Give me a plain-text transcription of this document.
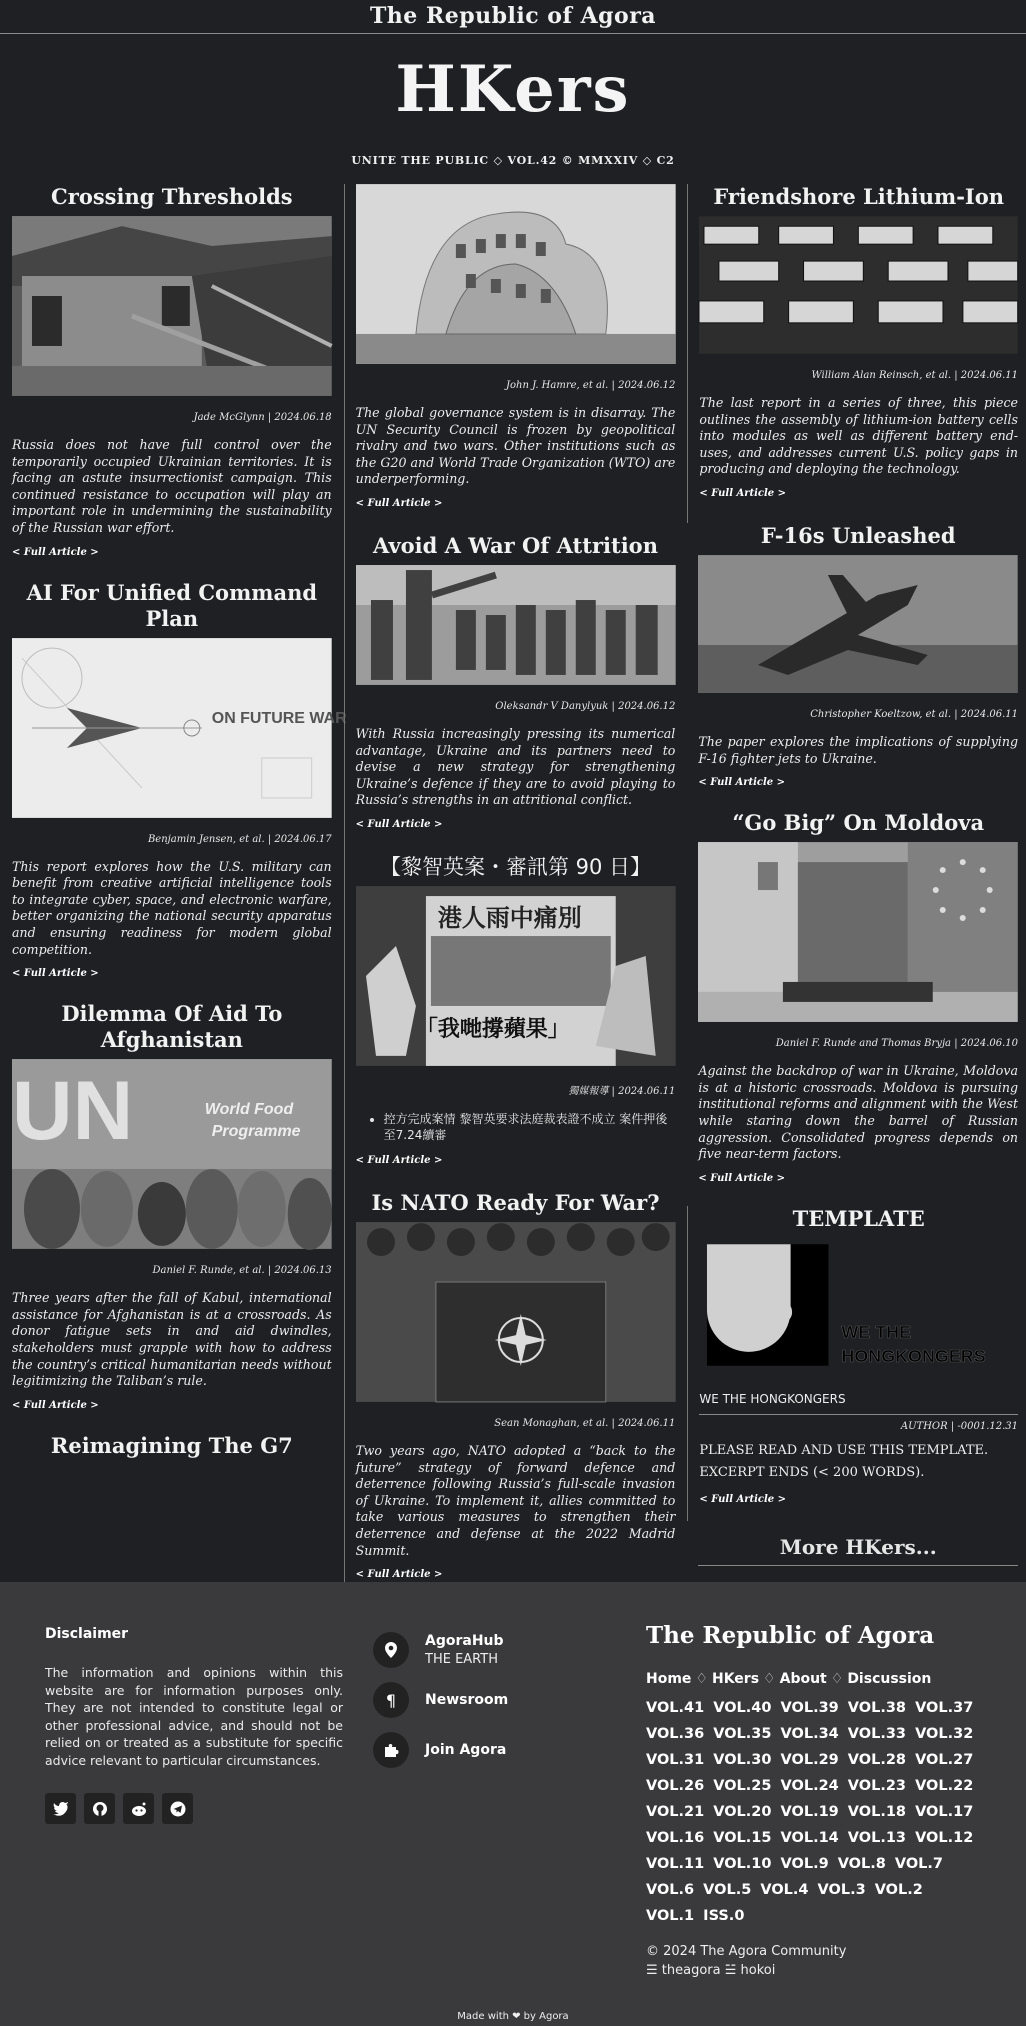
The Republic of Agora
HKers
UNITE THE PUBLIC ◇ VOL.42 © MMXXIV ◇ C2
Crossing Thresholds
Jade McGlynn | 2024.06.18
Russia does not have full control over the temporarily occupied Ukrainian territories. It is facing an astute insurrectionist campaign. This continued resistance to occupation will play an important role in undermining the sustainability of the Russian war effort.
< Full Article >
AI For Unified Command Plan
ON FUTURE WAR
Benjamin Jensen, et al. | 2024.06.17
This report explores how the U.S. military can benefit from creative artificial intelligence tools to integrate cyber, space, and electronic warfare, better organizing the national security apparatus and ensuring readiness for modern global competition.
< Full Article >
Dilemma Of Aid To Afghanistan
UN	World Food
Programme
Daniel F. Runde, et al. | 2024.06.13
Three years after the fall of Kabul, international assistance for Afghanistan is at a crossroads. As donor fatigue sets in and aid dwindles, stakeholders must grapple with how to address the country’s critical humanitarian needs without legitimizing the Taliban’s rule.
< Full Article >
Reimagining The G7
John J. Hamre, et al. | 2024.06.12
The global governance system is in disarray. The UN Security Council is frozen by geopolitical rivalry and two wars. Other institutions such as the G20 and World Trade Organization (WTO) are underperforming.
< Full Article >
Avoid A War Of Attrition
Oleksandr V Danylyuk | 2024.06.12
With Russia increasingly pressing its numerical advantage, Ukraine and its partners need to devise a new strategy for strengthening Ukraine’s defence if they are to avoid playing to Russia’s strengths in an attritional conflict.
< Full Article >
【黎智英案・審訊第 90 日】
港人雨中痛別
「我哋撐蘋果」
獨媒報導 | 2024.06.11
• 控方完成案情 黎智英要求法庭裁表證不成立 案件押後至7.24續審
< Full Article >
Is NATO Ready For War?
Sean Monaghan, et al. | 2024.06.11
Two years ago, NATO adopted a “back to the future” strategy of forward defence and deterrence following Russia’s full-scale invasion of Ukraine. To implement it, allies committed to take various measures to strengthen their deterrence and defense at the 2022 Madrid Summit.
< Full Article >
Friendshore Lithium-Ion
William Alan Reinsch, et al. | 2024.06.11
The last report in a series of three, this piece outlines the assembly of lithium-ion battery cells into modules as well as different battery end-uses, and addresses current U.S. policy gaps in producing and deploying the technology.
< Full Article >
F-16s Unleashed
Christopher Koeltzow, et al. | 2024.06.11
The paper explores the implications of supplying F-16 fighter jets to Ukraine.
< Full Article >
“Go Big” On Moldova
Daniel F. Runde and Thomas Bryja | 2024.06.10
Against the backdrop of war in Ukraine, Moldova is at a historic crossroads. Moldova is pursuing institutional reforms and alignment with the West while staring down the barrel of Russian aggression. Consolidated progress depends on five near-term factors.
< Full Article >
TEMPLATE
WE THE
HONGKONGERS
WE THE HONGKONGERS
AUTHOR | -0001.12.31
PLEASE READ AND USE THIS TEMPLATE.
EXCERPT ENDS (< 200 WORDS).
< Full Article >
More HKers...
Disclaimer
The information and opinions within this website are for information purposes only. They are not intended to constitute legal or other professional advice, and should not be relied on or treated as a substitute for specific advice relevant to particular circumstances.
AgoraHub
THE EARTH
¶	Newsroom
Join Agora
The Republic of Agora
Home ♢ HKers ♢ About ♢ Discussion
VOL.41 VOL.40 VOL.39 VOL.38 VOL.37 VOL.36 VOL.35 VOL.34 VOL.33 VOL.32 VOL.31 VOL.30 VOL.29 VOL.28 VOL.27 VOL.26 VOL.25 VOL.24 VOL.23 VOL.22 VOL.21 VOL.20 VOL.19 VOL.18 VOL.17 VOL.16 VOL.15 VOL.14 VOL.13 VOL.12 VOL.11 VOL.10 VOL.9 VOL.8 VOL.7 VOL.6 VOL.5 VOL.4 VOL.3 VOL.2 VOL.1 ISS.0
© 2024 The Agora Community
☰ theagora ☱ hokoi
Made with ❤ by Agora
